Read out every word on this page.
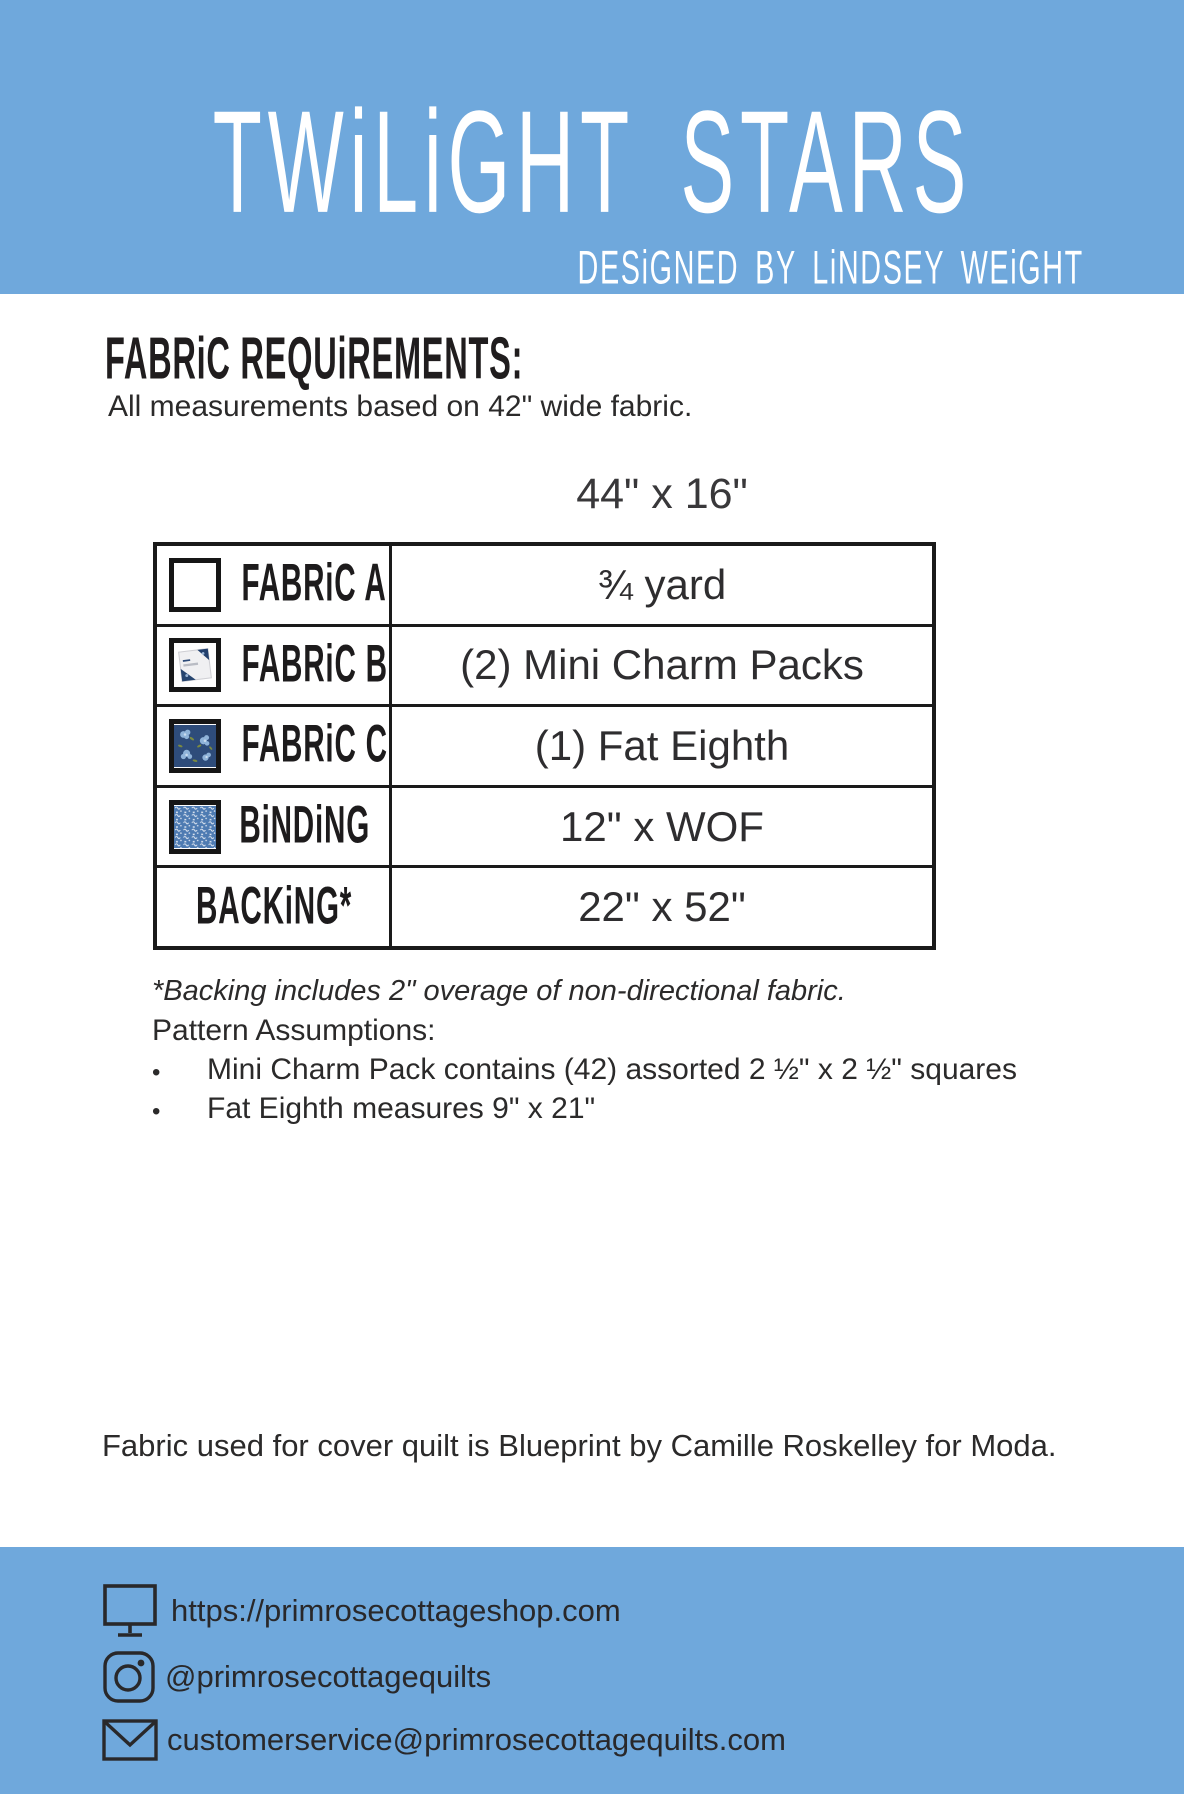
TWiLiGHT STARS
DESiGNED BY LiNDSEY WEiGHT
FABRiC REQUiREMENTS:
All measurements based on 42" wide fabric.
44" x 16"
FABRiC A	¾ yard
FABRiC B	(2) Mini Charm Packs
FABRiC C	(1) Fat Eighth
BiNDiNG	12" x WOF
BACKiNG*	22" x 52"
*Backing includes 2" overage of non-directional fabric.
Pattern Assumptions:
•	Mini Charm Pack contains (42) assorted 2 ½" x 2 ½" squares
•	Fat Eighth measures 9" x 21"
Fabric used for cover quilt is Blueprint by Camille Roskelley for Moda.
https://primrosecottageshop.com
@primrosecottagequilts
customerservice@primrosecottagequilts.com
